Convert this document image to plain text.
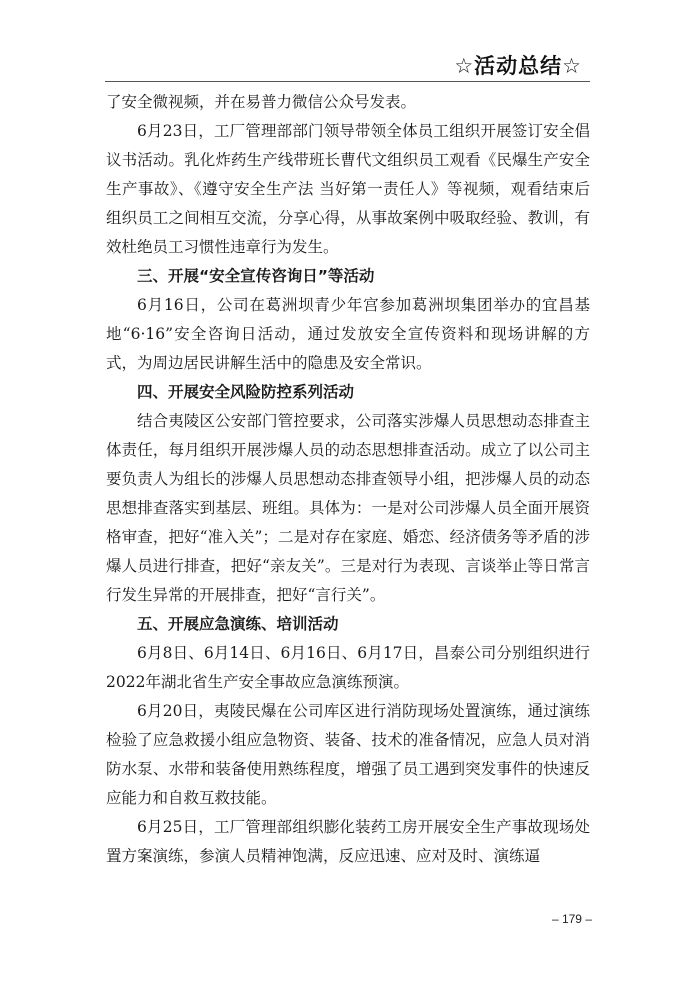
☆活动总结☆

了安全微视频，并在易普力微信公众号发表。

6月23日，工厂管理部部门领导带领全体员工组织开展签订安全倡议书活动。乳化炸药生产线带班长曹代文组织员工观看《民爆生产安全生产事故》、《遵守安全生产法 当好第一责任人》等视频，观看结束后组织员工之间相互交流，分享心得，从事故案例中吸取经验、教训，有效杜绝员工习惯性违章行为发生。

三、开展“安全宣传咨询日”等活动

6月16日，公司在葛洲坝青少年宫参加葛洲坝集团举办的宜昌基地“6·16”安全咨询日活动，通过发放安全宣传资料和现场讲解的方式，为周边居民讲解生活中的隐患及安全常识。

四、开展安全风险防控系列活动

结合夷陵区公安部门管控要求，公司落实涉爆人员思想动态排查主体责任，每月组织开展涉爆人员的动态思想排查活动。成立了以公司主要负责人为组长的涉爆人员思想动态排查领导小组，把涉爆人员的动态思想排查落实到基层、班组。具体为：一是对公司涉爆人员全面开展资格审查，把好“准入关”；二是对存在家庭、婚恋、经济债务等矛盾的涉爆人员进行排查，把好“亲友关”。三是对行为表现、言谈举止等日常言行发生异常的开展排查，把好“言行关”。

五、开展应急演练、培训活动

6月8日、6月14日、6月16日、6月17日，昌泰公司分别组织进行2022年湖北省生产安全事故应急演练预演。

6月20日，夷陵民爆在公司库区进行消防现场处置演练，通过演练检验了应急救援小组应急物资、装备、技术的准备情况，应急人员对消防水泵、水带和装备使用熟练程度，增强了员工遇到突发事件的快速反应能力和自救互救技能。

6月25日，工厂管理部组织膨化装药工房开展安全生产事故现场处置方案演练，参演人员精神饱满，反应迅速、应对及时、演练逼

– 179 –
